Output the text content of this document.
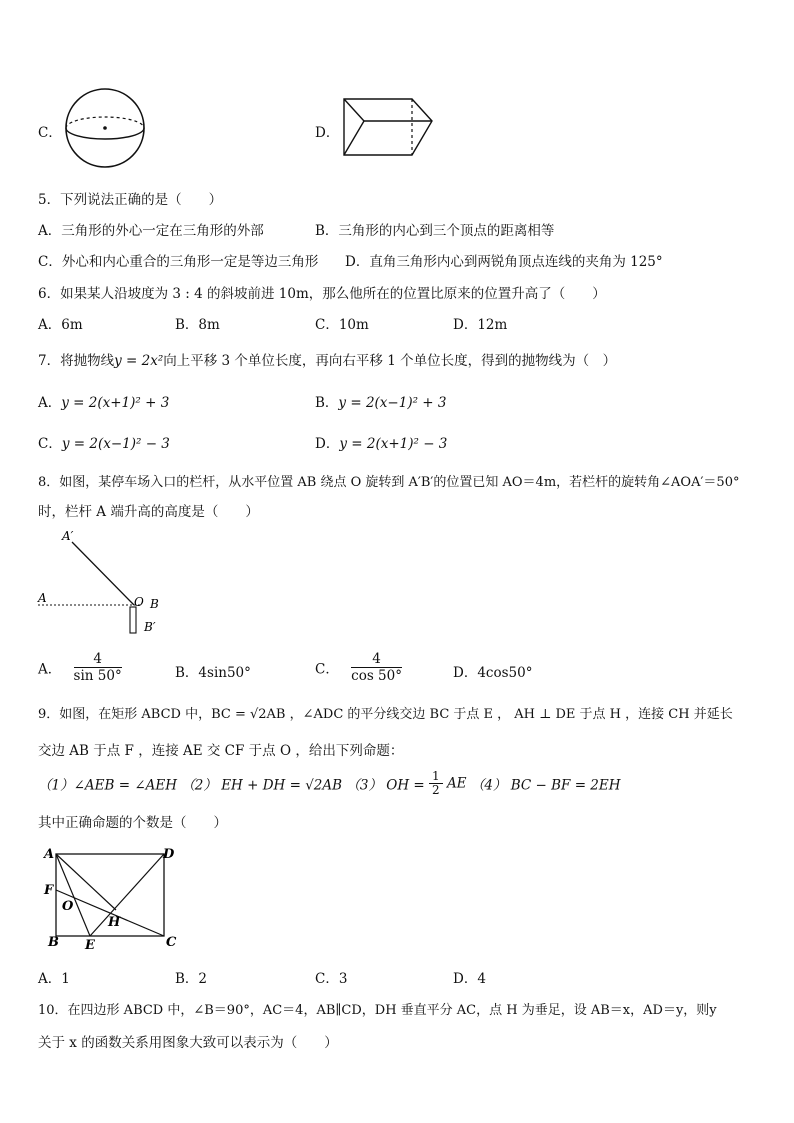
C．	D．
5．下列说法正确的是（　　）
A．三角形的外心一定在三角形的外部	B．三角形的内心到三个顶点的距离相等
C．外心和内心重合的三角形一定是等边三角形 D．直角三角形内心到两锐角顶点连线的夹角为 125°
6．如果某人沿坡度为 3 : 4 的斜坡前进 10m，那么他所在的位置比原来的位置升高了（　　）
A．6m	B．8m	C．10m	D．12m
7．将抛物线y = 2x²向上平移 3 个单位长度，再向右平移 1 个单位长度，得到的抛物线为（　）
A．y = 2(x+1)² + 3	B．y = 2(x−1)² + 3
C．y = 2(x−1)² − 3	D．y = 2(x+1)² − 3
8．如图，某停车场入口的栏杆，从水平位置 AB 绕点 O 旋转到 A′B′的位置已知 AO＝4m，若栏杆的旋转角∠AOA′＝50°
时，栏杆 A 端升高的高度是（　　）
A′
A	O B
B′
A． $\frac{4}{\sin 50^\circ}$	B．4sin50°	C． $\frac{4}{\cos 50^\circ}$	D．4cos50°
9．如图，在矩形 ABCD 中，BC = √2AB ，∠ADC 的平分线交边 BC 于点 E ， AH ⊥ DE 于点 H ，连接 CH 并延长
交边 AB 于点 F ，连接 AE 交 CF 于点 O ，给出下列命题：
（1）∠AEB = ∠AEH （2） EH + DH = √2AB （3） OH = $\frac{1}{2}$ AE （4） BC − BF = 2EH
其中正确命题的个数是（　　）
A	D
F
O
H
B E	C
A．1	B．2	C．3	D．4
10．在四边形 ABCD 中，∠B＝90°，AC＝4，AB∥CD，DH 垂直平分 AC，点 H 为垂足，设 AB＝x，AD＝y，则y
关于 x 的函数关系用图象大致可以表示为（　　）
